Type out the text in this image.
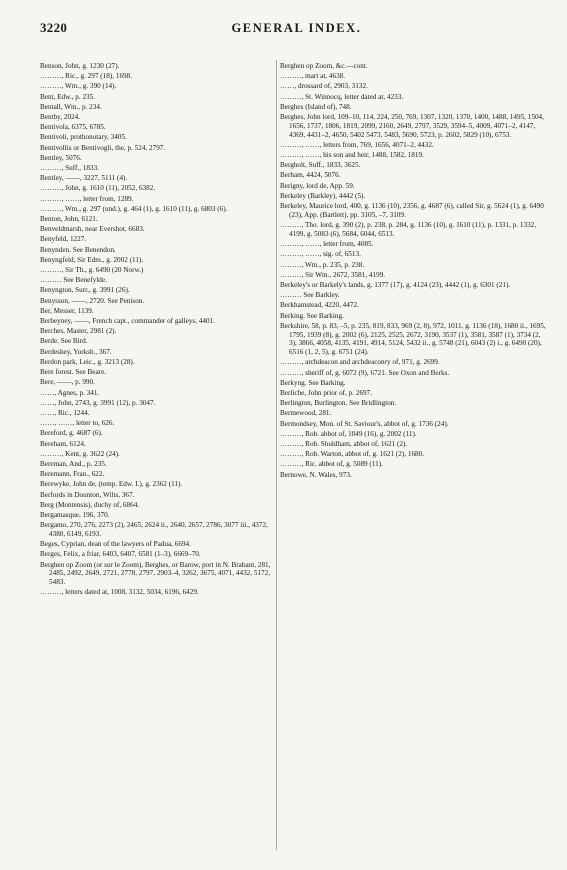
3220	GENERAL INDEX.
Benson, John, g. 1230 (27).
………, Ric., g. 297 (18), 1698.
………, Wm., g. 390 (14).
Bent, Edw., p. 235.
Bentall, Wm., p. 234.
Bentby, 2024.
Bentivola, 6375, 6785.
Bentivoli, prothonotary, 3405.
Bentivollis or Bentivogli, the, p. 524, 2797.
Bentley, 5076.
………, Suff., 1833.
Bentley, ——, 3227, 5111 (4).
………, John, g. 1610 (11), 2052, 6382.
………, ……, letter from, 1289.
………, Wm., g. 297 (und.), g. 464 (1), g. 1610 (11), g. 6803 (6).
Benton, John, 6121.
Benveldmarsh, near Evershot, 6683.
Benyfeld, 1227.
Benynden. See Benendon.
Benyngfeld, Sir Edm., g. 2002 (11).
………, Sir Th., g. 6490 (20 Norw.)
……… See Benefylde.
Benyngton, Surr., g. 3991 (26).
Benysson, ——, 2720. See Penison.
Ber, Messer, 1139.
Berbeyney, ——, French capt., commander of galleys, 4401.
Berches, Master, 2981 (2).
Berde. See Bird.
Berdeshey, Yorksh., 367.
Berdon park, Leic., g. 3213 (28).
Bere forest. See Beare.
Bere, ——, p. 990.
……, Agnes, p. 341.
……, John, 2743, g. 3991 (12), p. 3047.
……, Ric., 1244.
……, ……, letter to, 626.
Bereford, g. 4687 (6).
Bereham, 6124.
………, Kent, g. 3622 (24).
Bereman, And., p. 235.
Beremann, Fran., 622.
Berewyke, John de, (temp. Edw. I.), g. 2362 (11).
Berfords in Dounton, Wilts, 367.
Berg (Montensis), duchy of, 6864.
Bergamasque, 196, 370.
Bergamo, 270, 276, 2273 (2), 2465, 2624 ii., 2640, 2657, 2786, 3077 iii., 4372, 4380, 6149, 6193.
Beges, Cyprian, dean of the lawyers of Padua, 6694.
Berges, Felix, a friar, 6403, 6407, 6581 (1–3), 6669–70.
Berghen op Zoom (or sur le Zoom), Berghes, or Barow, port in N. Brabant, 281, 2485, 2492, 2649, 2721, 2778, 2797, 2903–4, 3262, 3675, 4071, 4432, 5172, 5483.
………, letters dated at, 1008, 3132, 5034, 6196, 6429.
Berghen op Zoom, &c.—cont.
………, mart at, 4638.
……, drossard of, 2903, 3132.
………, St. Winnocq, letter dated at, 4233.
Berghes (Island of), 748.
Berghes, John lord, 109–10, 114, 224, 250, 769, 1307, 1320, 1370, 1400, 1488, 1495, 1504, 1656, 1737, 1806, 1819, 2099, 2160, 2649, 2797, 3529, 3594–5, 4009, 4071–2, 4147, 4369, 4431–2, 4650, 5402 5473, 5483, 5690, 5723, p. 2602, 5829 (10), 6753.
………, ……, letters from, 769, 1656, 4071–2, 4432.
………, ……, his son and heir, 1488, 1582, 1819.
Bergholt, Suff., 1833, 3625.
Berham, 4424, 5076.
Berigny, lord de, App. 59.
Berkeley (Barkley), 4442 (5).
Berkeley, Maurice lord, 400, g. 1136 (10), 2356, g. 4687 (6), called Sir, g. 5624 (1), g. 6490 (23), App. (Bartlett), pp. 3105, –7, 3109.
………, Tho. lord, g. 390 (2), p. 238, p. 284, g. 1136 (10), g. 1610 (11), p. 1331, p. 1332, 4199, g. 5083 (6), 5684, 6044, 6513.
………, ……, letter from, 4085.
………, ……, sig. of, 6513.
………, Wm., p. 235, p. 238.
………, Sir Wm., 2672, 3581, 4199.
Berkeley's or Barkely's lands, g. 1377 (17), g. 4124 (23), 4442 (1), g. 6301 (21).
……… See Barkley.
Berkhamstead, 4220, 4472.
Berking. See Barking.
Berkshire, 58, p. 83, –5, p. 235, 819, 833, 969 (2, 8), 972, 1011, g. 1136 (18), 1680 ii., 1695, 1795, 1939 (8), g. 2002 (6), 2125, 2525, 2672, 3190, 3537 (1), 3581, 3587 (1), 3734 (2, 3), 3866, 4058, 4135, 4191, 4914, 5124, 5432 ii., g. 5748 (21), 6043 (2) i., g. 6490 (20), 6516 (1, 2, 5), g. 6751 (24).
………, archdeacon and archdeaconry of, 971, g. 2699.
………, sheriff of, g. 6072 (9), 6721. See Oxon and Berks.
Berkyng. See Barking.
Berliche, John prior of, p. 2697.
Berlington, Burlington. See Bridlington.
Bermewood, 281.
Bermondsey, Mon. of St. Saviour's, abbot of, g. 1736 (24).
………, Rob. abbot of, 1049 (16), g. 2002 (11).
………, Rob. Shuldham, abbot of, 1621 (2).
………, Rob. Warton, abbot of, g. 1621 (2), 1680.
………, Ric. abbot of, g. 5089 (11).
Bernowe, N. Wales, 973.
